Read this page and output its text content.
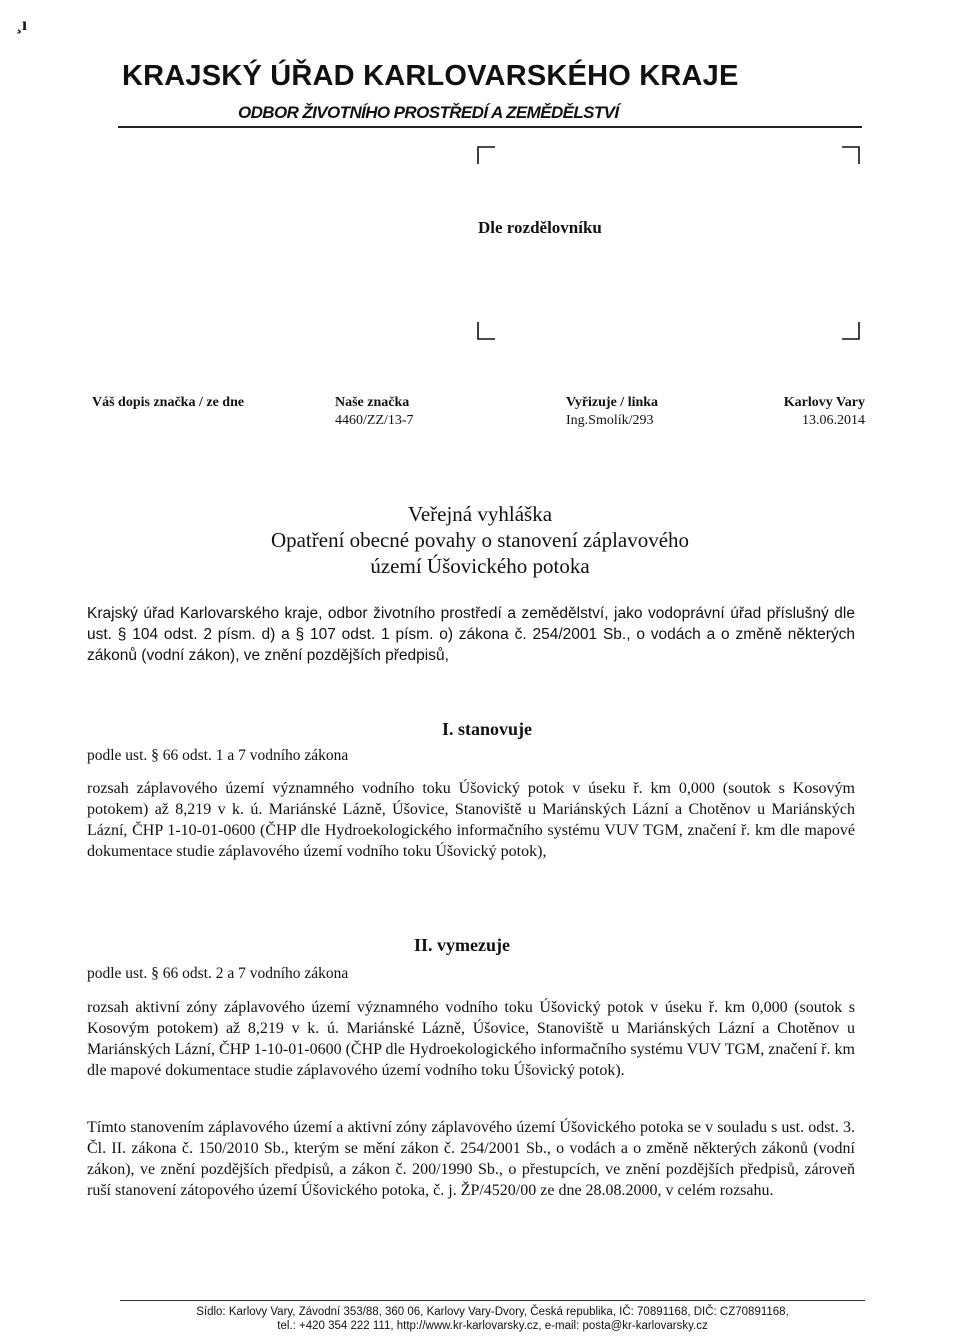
¸ı
KRAJSKÝ ÚŘAD KARLOVARSKÉHO KRAJE
ODBOR ŽIVOTNÍHO PROSTŘEDÍ A ZEMĚDĚLSTVÍ
Dle rozdělovníku
Váš dopis značka / ze dne	Naše značka
4460/ZZ/13-7
Vyřizuje / linka
Ing.Smolík/293
Karlovy Vary
13.06.2014
Veřejná vyhláška
Opatření obecné povahy o stanovení záplavového
území Úšovického potoka
Krajský úřad Karlovarského kraje, odbor životního prostředí a zemědělství, jako vodoprávní úřad příslušný dle ust. § 104 odst. 2 písm. d) a § 107 odst. 1 písm. o) zákona č. 254/2001 Sb., o vodách a o změně některých zákonů (vodní zákon), ve znění pozdějších předpisů,
I. stanovuje
podle ust. § 66 odst. 1 a 7 vodního zákona
rozsah záplavového území významného vodního toku Úšovický potok v úseku ř. km 0,000 (soutok s Kosovým potokem) až 8,219 v k. ú. Mariánské Lázně, Úšovice, Stanoviště u Mariánských Lázní a Chotěnov u Mariánských Lázní, ČHP 1-10-01-0600 (ČHP dle Hydroekologického informačního systému VUV TGM, značení ř. km dle mapové dokumentace studie záplavového území vodního toku Úšovický potok),
II. vymezuje
podle ust. § 66 odst. 2 a 7 vodního zákona
rozsah aktivní zóny záplavového území významného vodního toku Úšovický potok v úseku ř. km 0,000 (soutok s Kosovým potokem) až 8,219 v k. ú. Mariánské Lázně, Úšovice, Stanoviště u Mariánských Lázní a Chotěnov u Mariánských Lázní, ČHP 1-10-01-0600 (ČHP dle Hydroekologického informačního systému VUV TGM, značení ř. km dle mapové dokumentace studie záplavového území vodního toku Úšovický potok).
Tímto stanovením záplavového území a aktivní zóny záplavového území Úšovického potoka se v souladu s ust. odst. 3. Čl. II. zákona č. 150/2010 Sb., kterým se mění zákon č. 254/2001 Sb., o vodách a o změně některých zákonů (vodní zákon), ve znění pozdějších předpisů, a zákon č. 200/1990 Sb., o přestupcích, ve znění pozdějších předpisů, zároveň ruší stanovení zátopového území Úšovického potoka, č. j. ŽP/4520/00 ze dne 28.08.2000, v celém rozsahu.
Sídlo: Karlovy Vary, Závodní 353/88, 360 06, Karlovy Vary-Dvory, Česká republika, IČ: 70891168, DIČ: CZ70891168,
tel.: +420 354 222 111, http://www.kr-karlovarsky.cz, e-mail: posta@kr-karlovarsky.cz
